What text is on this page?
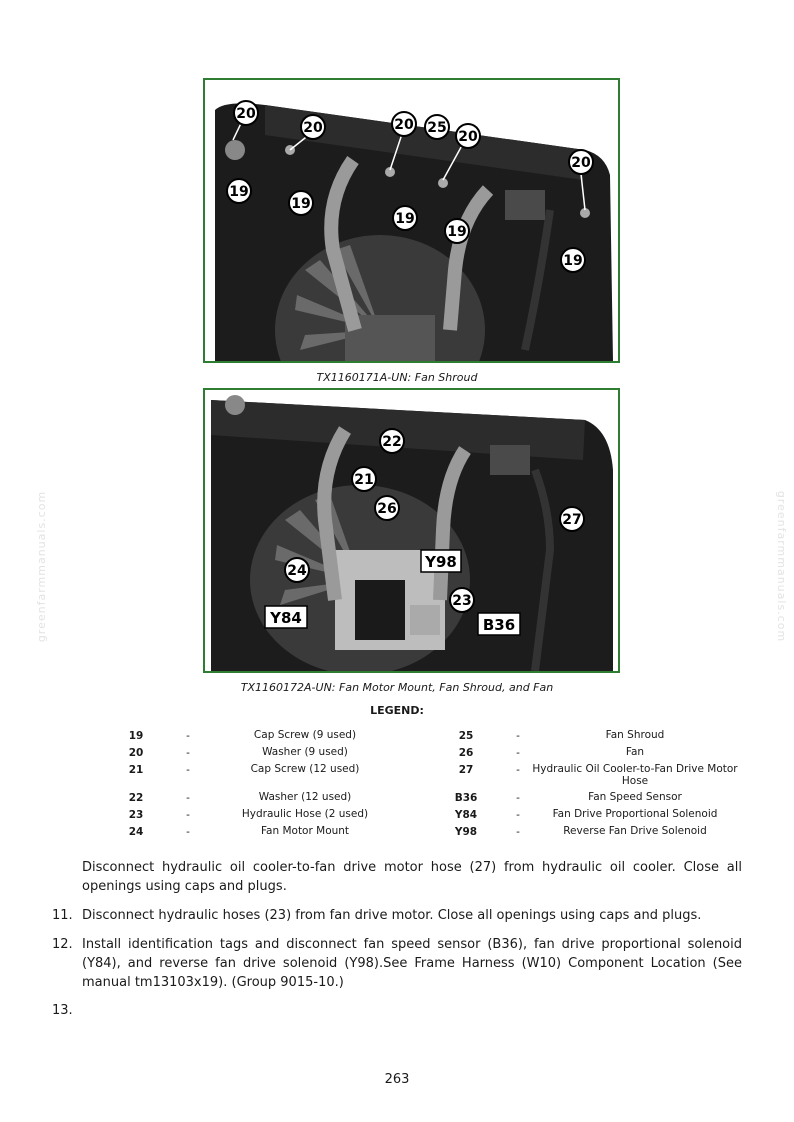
20
19
20
19
20
19
25
20
19
20
19
TX1160171A-UN: Fan Shroud
22
21
26
27
24	Y98
23
Y84	B36
TX1160172A-UN: Fan Motor Mount, Fan Shroud, and Fan
LEGEND:
19	-	Cap Screw (9 used)	25	-	Fan Shroud
20	-	Washer (9 used)	26	-	Fan
21	-	Cap Screw (12 used)	27	-	Hydraulic Oil Cooler-to-Fan Drive Motor Hose
22	-	Washer (12 used)	B36	-	Fan Speed Sensor
23	-	Hydraulic Hose (2 used)	Y84	-	Fan Drive Proportional Solenoid
24	-	Fan Motor Mount	Y98	-	Reverse Fan Drive Solenoid
Disconnect hydraulic oil cooler-to-fan drive motor hose (27) from hydraulic oil cooler. Close all openings using caps and plugs.
11. Disconnect hydraulic hoses (23) from fan drive motor. Close all openings using caps and plugs.
12. Install identification tags and disconnect fan speed sensor (B36), fan drive proportional solenoid (Y84), and reverse fan drive solenoid (Y98).See Frame Harness (W10) Component Location (See manual tm13103x19). (Group 9015-10.)
13.
263
greenfarmmanuals.com	greenfarmmanuals.com
